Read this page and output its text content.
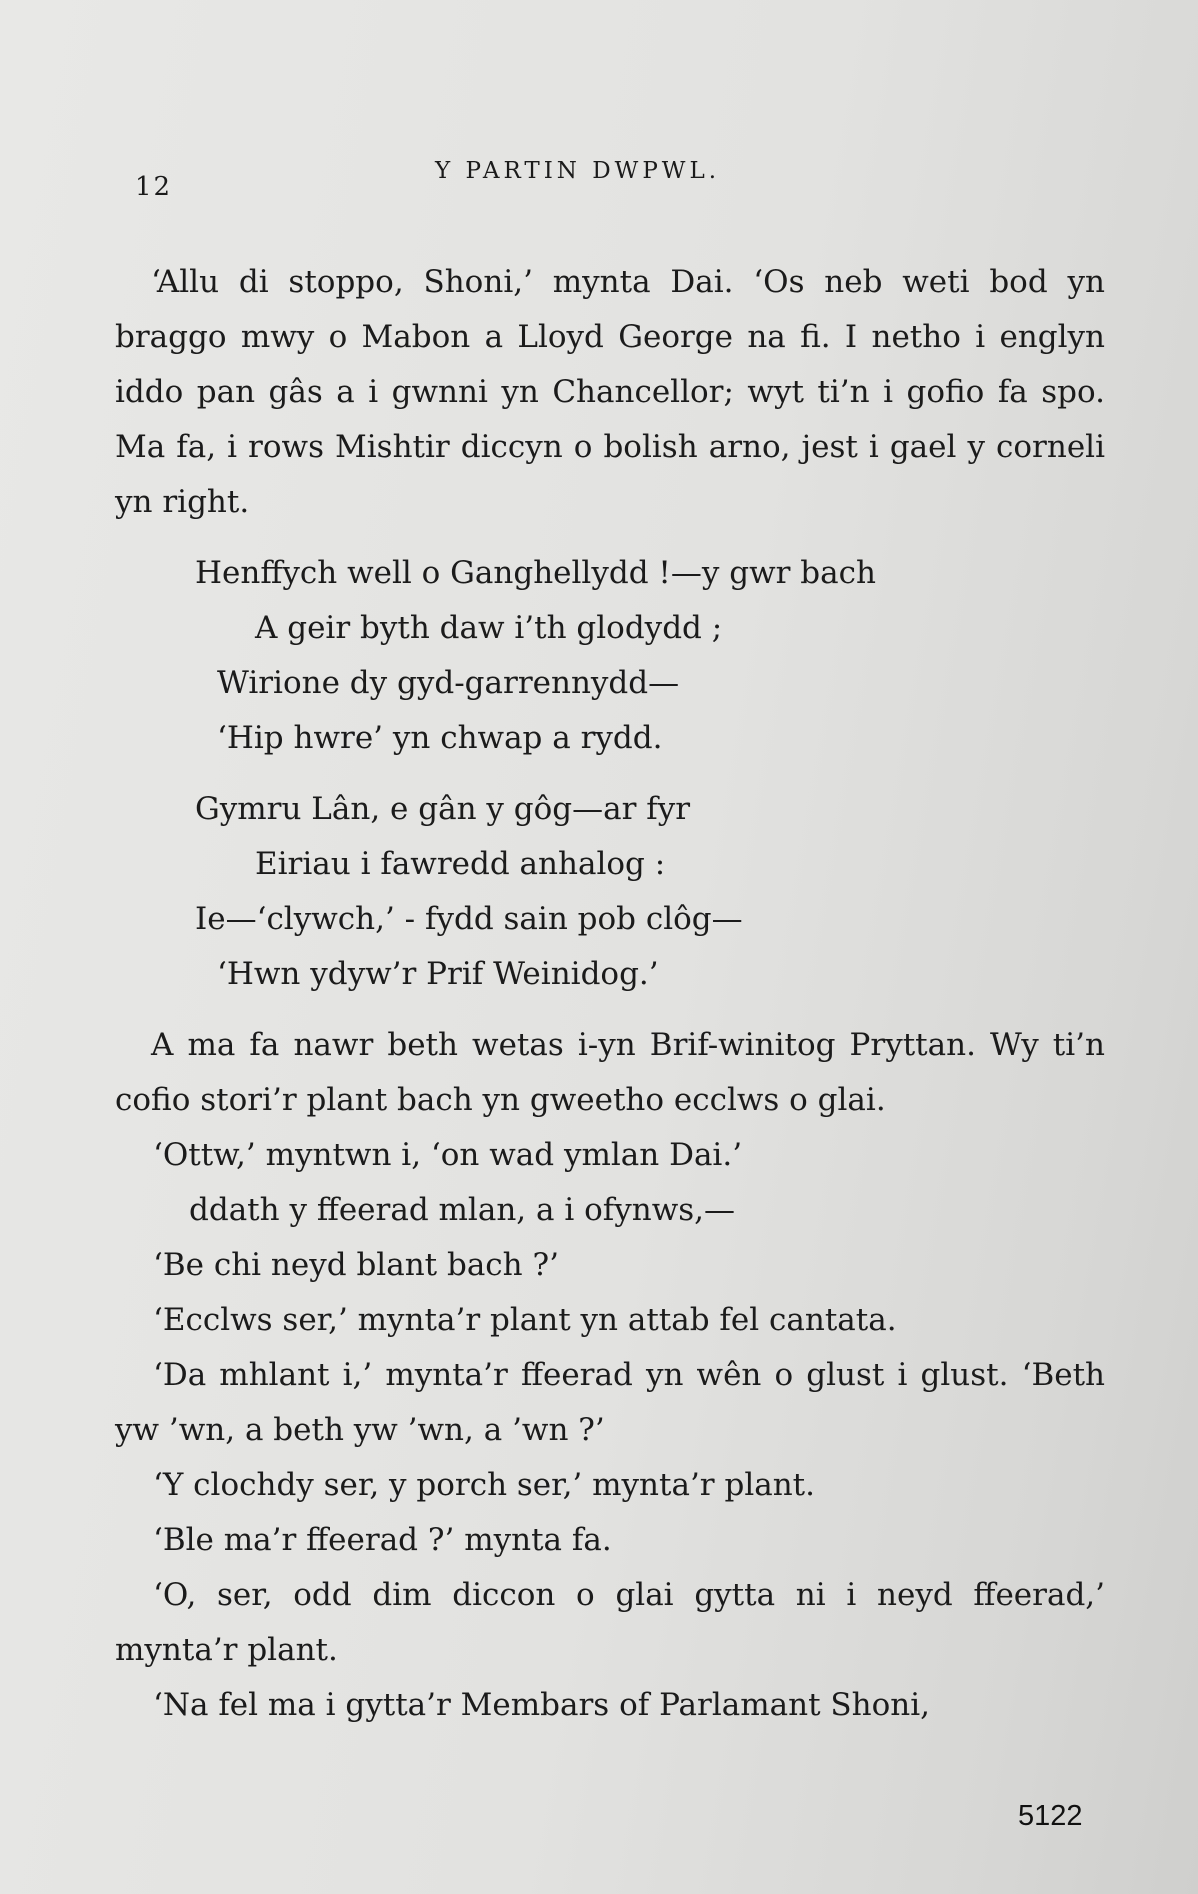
12
Y PARTIN DWPWL.

‘Allu di stoppo, Shoni,’ mynta Dai. ‘Os neb weti bod yn braggo mwy o Mabon a Lloyd George na fi. I netho i englyn iddo pan gâs a i gwnni yn Chancellor; wyt ti’n i gofio fa spo. Ma fa, i rows Mishtir diccyn o bolish arno, jest i gael y corneli yn right.

Henffych well o Ganghellydd !—y gwr bach
A geir byth daw i’th glodydd ;
Wirione dy gyd-garrennydd—
‘Hip hwre’ yn chwap a rydd.
Gymru Lân, e gân y gôg—ar fyr
Eiriau i fawredd anhalog :
Ie—‘clywch,’ - fydd sain pob clôg—
‘Hwn ydyw’r Prif Weinidog.’

A ma fa nawr beth wetas i-yn Brif-winitog Pryttan. Wy ti’n cofio stori’r plant bach yn gweetho ecclws o glai.

‘Ottw,’ myntwn i, ‘on wad ymlan Dai.’

ddath y ffeerad mlan, a i ofynws,—

‘Be chi neyd blant bach ?’

‘Ecclws ser,’ mynta’r plant yn attab fel cantata.

‘Da mhlant i,’ mynta’r ffeerad yn wên o glust i glust. ‘Beth yw ’wn, a beth yw ’wn, a ’wn ?’

‘Y clochdy ser, y porch ser,’ mynta’r plant.

‘Ble ma’r ffeerad ?’ mynta fa.

‘O, ser, odd dim diccon o glai gytta ni i neyd ffeerad,’ mynta’r plant.

‘Na fel ma i gytta’r Membars of Parlamant Shoni,

5122
